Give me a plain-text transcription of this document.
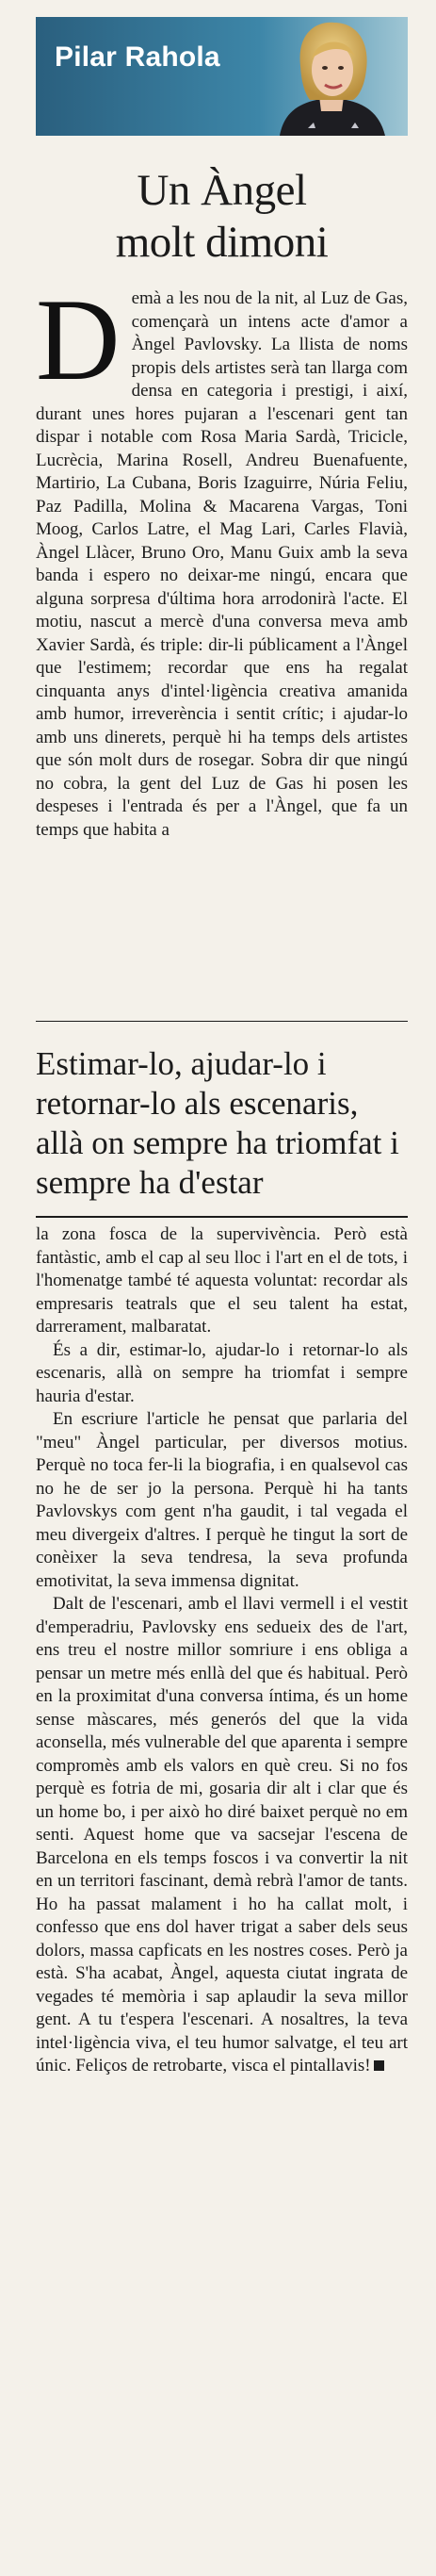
Pilar Rahola
Un Àngel
molt dimoni

Demà a les nou de la nit, al Luz de Gas, començarà un intens acte d'amor a Àngel Pavlovsky. La llista de noms propis dels artistes serà tan llarga com densa en categoria i prestigi, i així, durant unes hores pujaran a l'escenari gent tan dispar i notable com Rosa Maria Sardà, Tricicle, Lucrècia, Marina Rosell, Andreu Buenafuente, Martirio, La Cubana, Boris Izaguirre, Núria Feliu, Paz Padilla, Molina & Macarena Vargas, Toni Moog, Carlos Latre, el Mag Lari, Carles Flavià, Àngel Llàcer, Bruno Oro, Manu Guix amb la seva banda i espero no deixar-me ningú, encara que alguna sorpresa d'última hora arrodonirà l'acte. El motiu, nascut a mercè d'una conversa meva amb Xavier Sardà, és triple: dir-li públicament a l'Àngel que l'estimem; recordar que ens ha regalat cinquanta anys d'intel·ligència creativa amanida amb humor, irreverència i sentit crític; i ajudar-lo amb uns dinerets, perquè hi ha temps dels artistes que són molt durs de rosegar. Sobra dir que ningú no cobra, la gent del Luz de Gas hi posen les despeses i l'entrada és per a l'Àngel, que fa un temps que habita a

Estimar-lo, ajudar-lo i retornar-lo als escenaris, allà on sempre ha triomfat i sempre ha d'estar

la zona fosca de la supervivència. Però està fantàstic, amb el cap al seu lloc i l'art en el de tots, i l'homenatge també té aquesta voluntat: recordar als empresaris teatrals que el seu talent ha estat, darrerament, malbaratat.

És a dir, estimar-lo, ajudar-lo i retornar-lo als escenaris, allà on sempre ha triomfat i sempre hauria d'estar.

En escriure l'article he pensat que parlaria del "meu" Àngel particular, per diversos motius. Perquè no toca fer-li la biografia, i en qualsevol cas no he de ser jo la persona. Perquè hi ha tants Pavlovskys com gent n'ha gaudit, i tal vegada el meu divergeix d'altres. I perquè he tingut la sort de conèixer la seva tendresa, la seva profunda emotivitat, la seva immensa dignitat.

Dalt de l'escenari, amb el llavi vermell i el vestit d'emperadriu, Pavlovsky ens sedueix des de l'art, ens treu el nostre millor somriure i ens obliga a pensar un metre més enllà del que és habitual. Però en la proximitat d'una conversa íntima, és un home sense màscares, més generós del que la vida aconsella, més vulnerable del que aparenta i sempre compromès amb els valors en què creu. Si no fos perquè es fotria de mi, gosaria dir alt i clar que és un home bo, i per això ho diré baixet perquè no em senti. Aquest home que va sacsejar l'escena de Barcelona en els temps foscos i va convertir la nit en un territori fascinant, demà rebrà l'amor de tants. Ho ha passat malament i ho ha callat molt, i confesso que ens dol haver trigat a saber dels seus dolors, massa capficats en les nostres coses. Però ja està. S'ha acabat, Àngel, aquesta ciutat ingrata de vegades té memòria i sap aplaudir la seva millor gent. A tu t'espera l'escenari. A nosaltres, la teva intel·ligència viva, el teu humor salvatge, el teu art únic. Feliços de retrobarte, visca el pintallavis!
